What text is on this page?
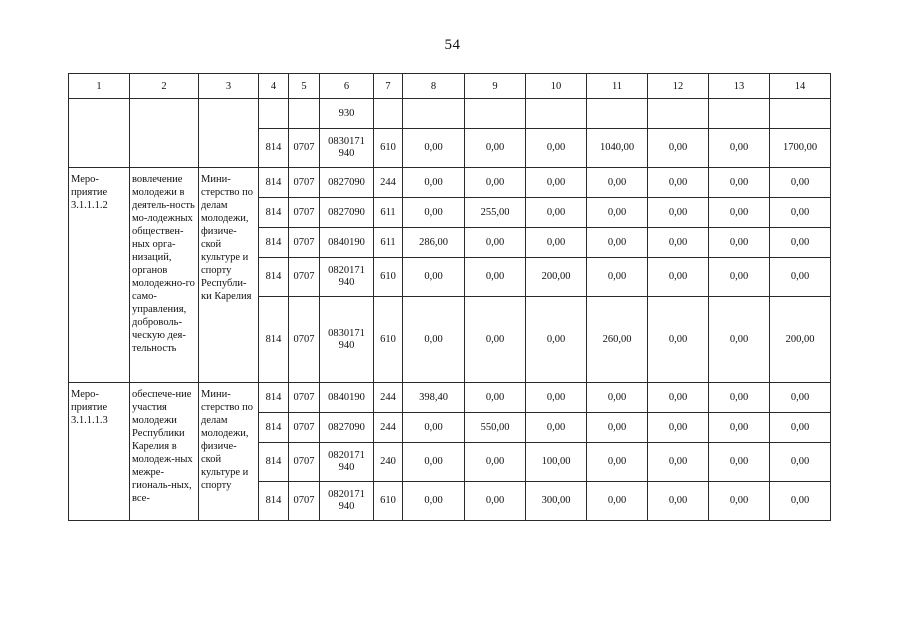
54
1	2	3	4	5	6	7	8	9	10	11	12	13	14
					930								
			814	0707	0830171 940	610	0,00	0,00	0,00	1040,00	0,00	0,00	1700,00
Меро-приятие 3.1.1.1.2	вовлечение молодежи в деятель-ность мо-лодежных обществен-ных орга-низаций, органов молодежно-го само-управления, доброволь-ческую дея-тельность	Мини-стерство по делам молодежи, физиче-ской культуре и спорту Республи-ки Карелия	814	0707	0827090	244	0,00	0,00	0,00	0,00	0,00	0,00	0,00
			814	0707	0827090	611	0,00	255,00	0,00	0,00	0,00	0,00	0,00
			814	0707	0840190	611	286,00	0,00	0,00	0,00	0,00	0,00	0,00
			814	0707	0820171 940	610	0,00	0,00	200,00	0,00	0,00	0,00	0,00
			814	0707	0830171 940	610	0,00	0,00	0,00	260,00	0,00	0,00	200,00
Меро-приятие 3.1.1.1.3	обеспече-ние участия молодежи Республики Карелия в молодеж-ных межре-гиональ-ных, все-	Мини-стерство по делам молодежи, физиче-ской культуре и спорту	814	0707	0840190	244	398,40	0,00	0,00	0,00	0,00	0,00	0,00
			814	0707	0827090	244	0,00	550,00	0,00	0,00	0,00	0,00	0,00
			814	0707	0820171 940	240	0,00	0,00	100,00	0,00	0,00	0,00	0,00
			814	0707	0820171 940	610	0,00	0,00	300,00	0,00	0,00	0,00	0,00
